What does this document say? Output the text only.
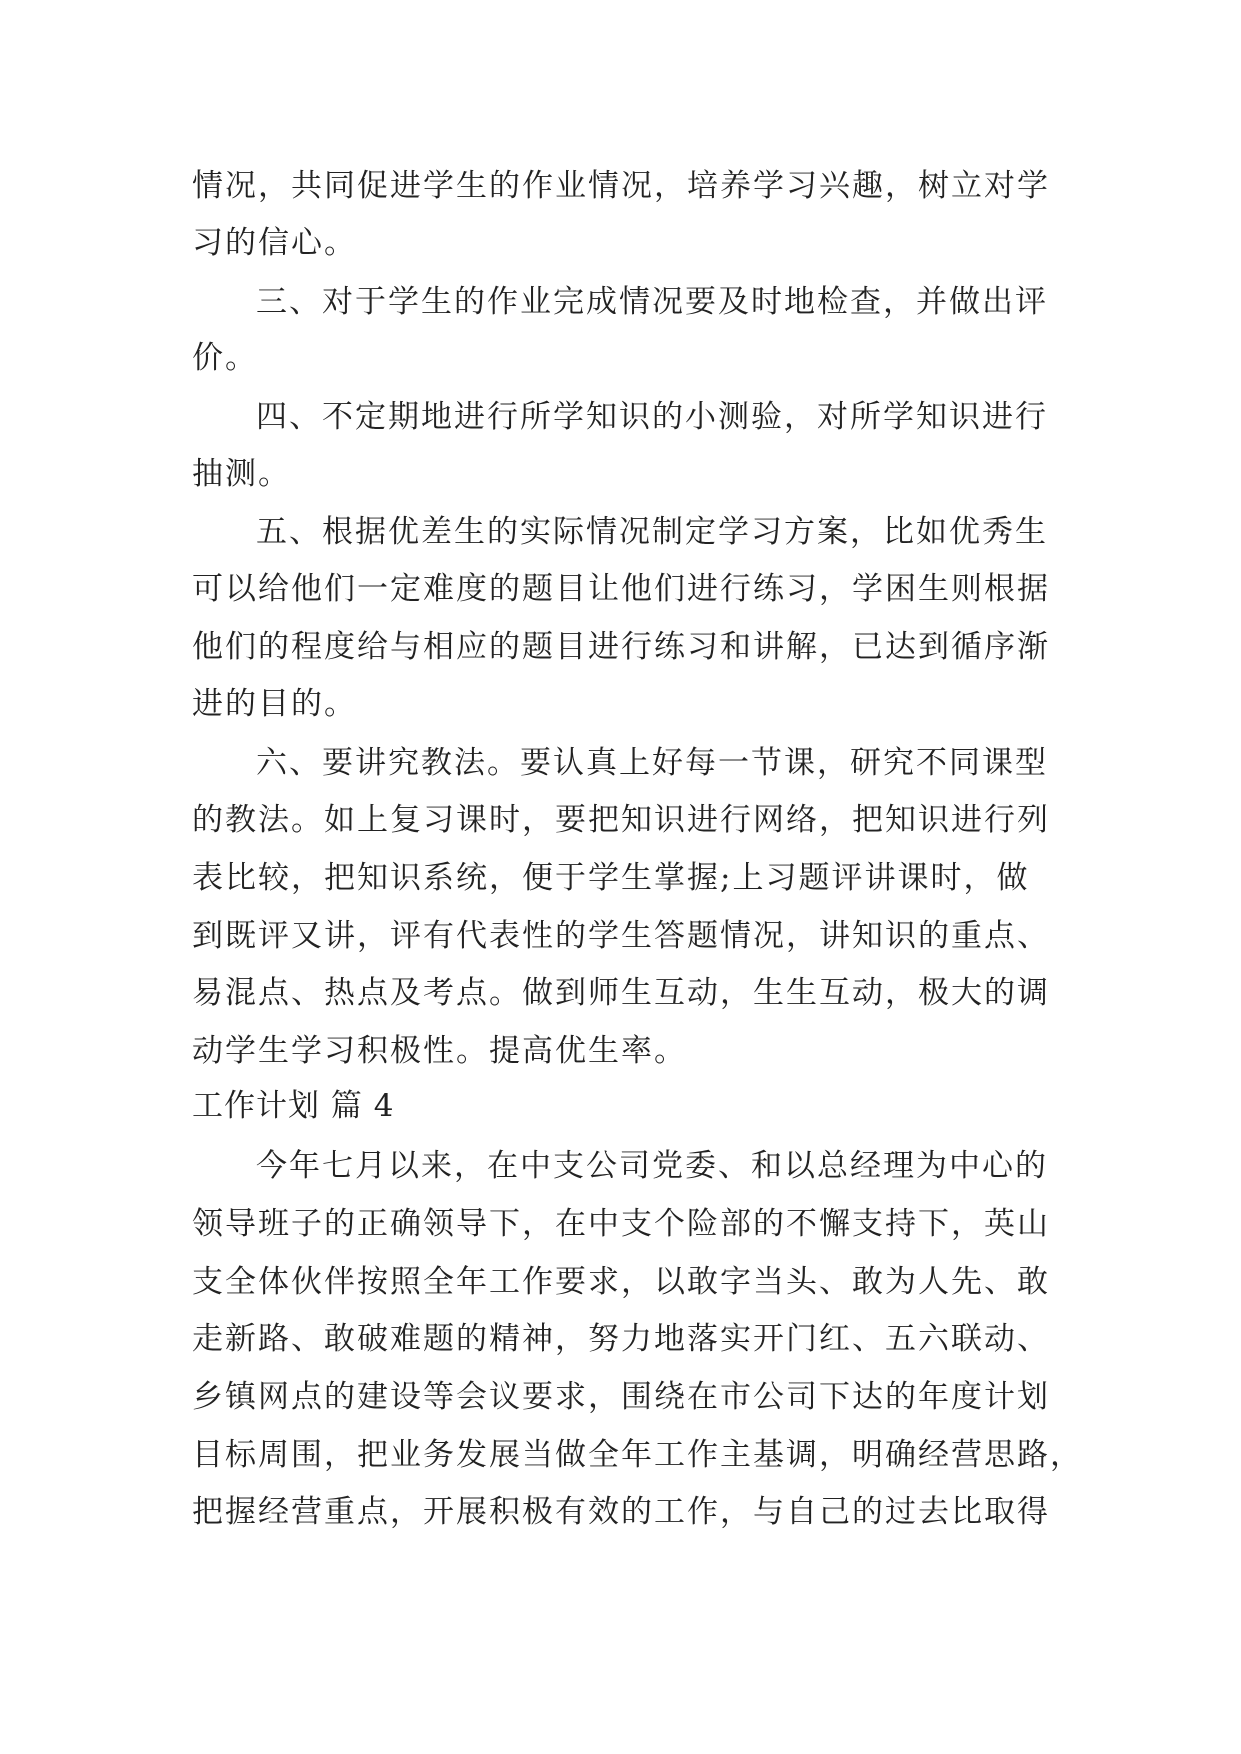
情况，共同促进学生的作业情况，培养学习兴趣，树立对学
习的信心。
三、对于学生的作业完成情况要及时地检查，并做出评
价。
四、不定期地进行所学知识的小测验，对所学知识进行
抽测。
五、根据优差生的实际情况制定学习方案，比如优秀生
可以给他们一定难度的题目让他们进行练习，学困生则根据
他们的程度给与相应的题目进行练习和讲解，已达到循序渐
进的目的。
六、要讲究教法。要认真上好每一节课，研究不同课型
的教法。如上复习课时，要把知识进行网络，把知识进行列
表比较，把知识系统，便于学生掌握;上习题评讲课时，做
到既评又讲，评有代表性的学生答题情况，讲知识的重点、
易混点、热点及考点。做到师生互动，生生互动，极大的调
动学生学习积极性。提高优生率。
工作计划 篇 4
今年七月以来，在中支公司党委、和以总经理为中心的
领导班子的正确领导下，在中支个险部的不懈支持下，英山
支全体伙伴按照全年工作要求，以敢字当头、敢为人先、敢
走新路、敢破难题的精神，努力地落实开门红、五六联动、
乡镇网点的建设等会议要求，围绕在市公司下达的年度计划
目标周围，把业务发展当做全年工作主基调，明确经营思路，
把握经营重点，开展积极有效的工作，与自己的过去比取得
